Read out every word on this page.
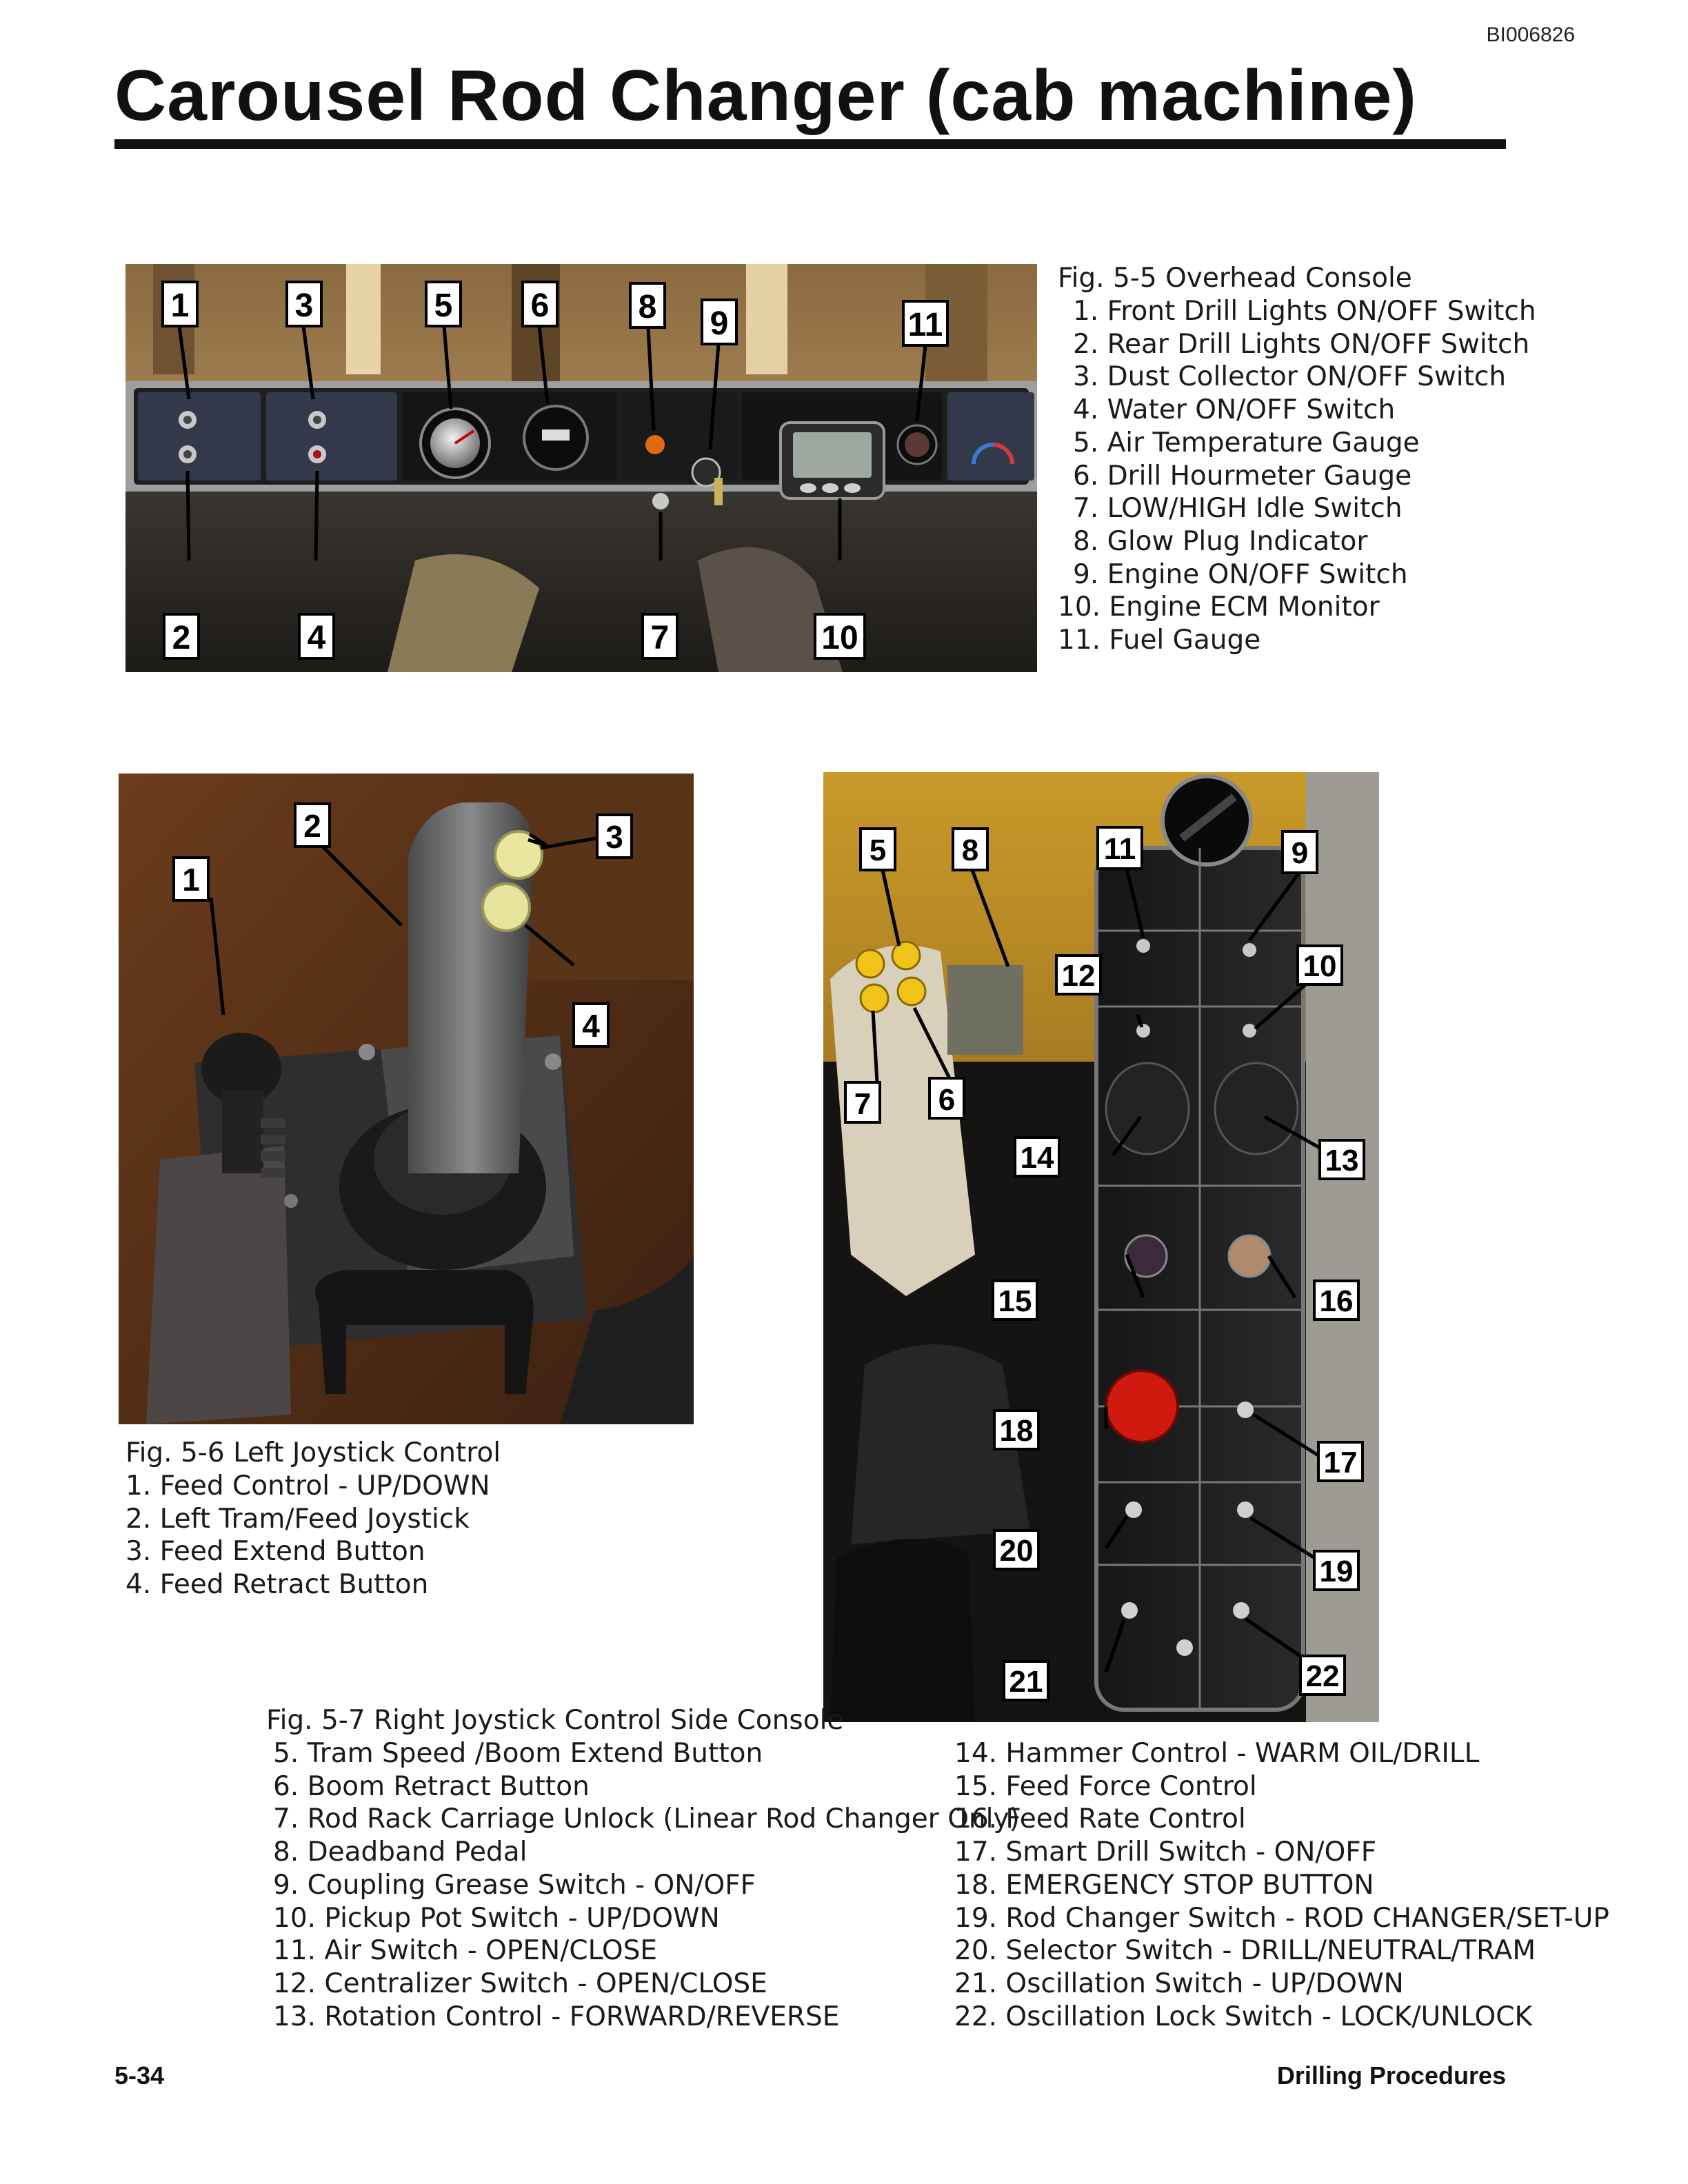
BI006826
Carousel Rod Changer (cab machine)
1	3	5 6	8 9	11
2	4	7	10
Fig. 5-5 Overhead Console
1. Front Drill Lights ON/OFF Switch
2. Rear Drill Lights ON/OFF Switch
3. Dust Collector ON/OFF Switch
4. Water ON/OFF Switch
5. Air Temperature Gauge
6. Drill Hourmeter Gauge
7. LOW/HIGH Idle Switch
8. Glow Plug Indicator
9. Engine ON/OFF Switch
10. Engine ECM Monitor
11. Fuel Gauge
1
2	3
4
Fig. 5-6 Left Joystick Control
1. Feed Control - UP/DOWN
2. Left Tram/Feed Joystick
3. Feed Extend Button
4. Feed Retract Button
5 8	11	9
12	10
7 6
14	13
15	16
18
17
20
19
21	22
Fig. 5-7 Right Joystick Control Side Console
5. Tram Speed /Boom Extend Button
6. Boom Retract Button
7. Rod Rack Carriage Unlock (Linear Rod Changer Only)
8. Deadband Pedal
9. Coupling Grease Switch - ON/OFF
10. Pickup Pot Switch - UP/DOWN
11. Air Switch - OPEN/CLOSE
12. Centralizer Switch - OPEN/CLOSE
13. Rotation Control - FORWARD/REVERSE
14. Hammer Control - WARM OIL/DRILL
15. Feed Force Control
16. Feed Rate Control
17. Smart Drill Switch - ON/OFF
18. EMERGENCY STOP BUTTON
19. Rod Changer Switch - ROD CHANGER/SET-UP
20. Selector Switch - DRILL/NEUTRAL/TRAM
21. Oscillation Switch - UP/DOWN
22. Oscillation Lock Switch - LOCK/UNLOCK
5-34	Drilling Procedures
